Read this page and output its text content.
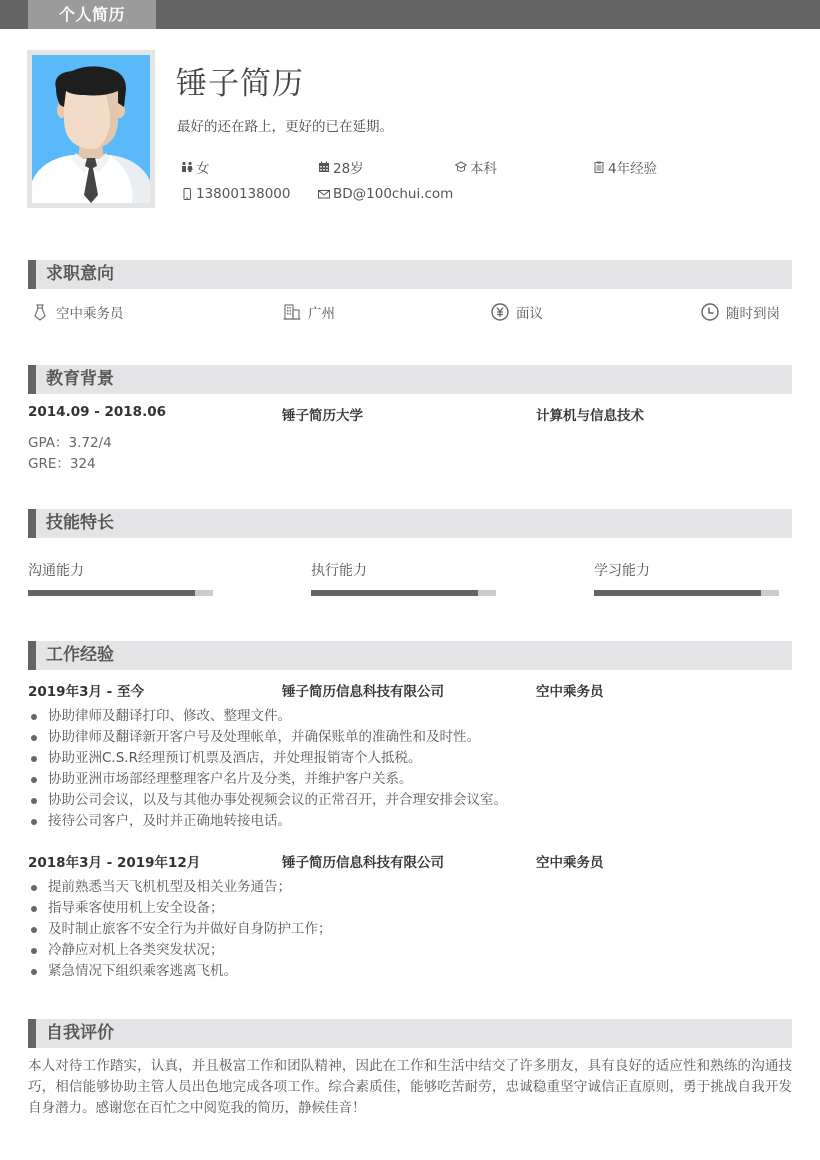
个人简历
锤子简历
最好的还在路上，更好的已在延期。
女	28岁	本科	4年经验
13800138000	BD@100chui.com
求职意向
空中乘务员	广州	面议	随时到岗
教育背景
2014.09 - 2018.06	锤子简历大学	计算机与信息技术
GPA：3.72/4
GRE：324
技能特长
沟通能力	执行能力	学习能力
工作经验
2019年3月 - 至今	锤子简历信息科技有限公司	空中乘务员
协助律师及翻译打印、修改、整理文件。
协助律师及翻译新开客户号及处理帐单，并确保账单的准确性和及时性。
协助亚洲C.S.R经理预订机票及酒店，并处理报销寄个人抵税。
协助亚洲市场部经理整理客户名片及分类，并维护客户关系。
协助公司会议，以及与其他办事处视频会议的正常召开，并合理安排会议室。
接待公司客户，及时并正确地转接电话。
2018年3月 - 2019年12月	锤子简历信息科技有限公司	空中乘务员
提前熟悉当天飞机机型及相关业务通告；
指导乘客使用机上安全设备；
及时制止旅客不安全行为并做好自身防护工作；
冷静应对机上各类突发状况；
紧急情况下组织乘客逃离飞机。
自我评价
本人对待工作踏实，认真，并且极富工作和团队精神，因此在工作和生活中结交了许多朋友，具有良好的适应性和熟练的沟通技巧，相信能够协助主管人员出色地完成各项工作。综合素质佳，能够吃苦耐劳，忠诚稳重坚守诚信正直原则，勇于挑战自我开发自身潜力。感谢您在百忙之中阅览我的简历，静候佳音！
